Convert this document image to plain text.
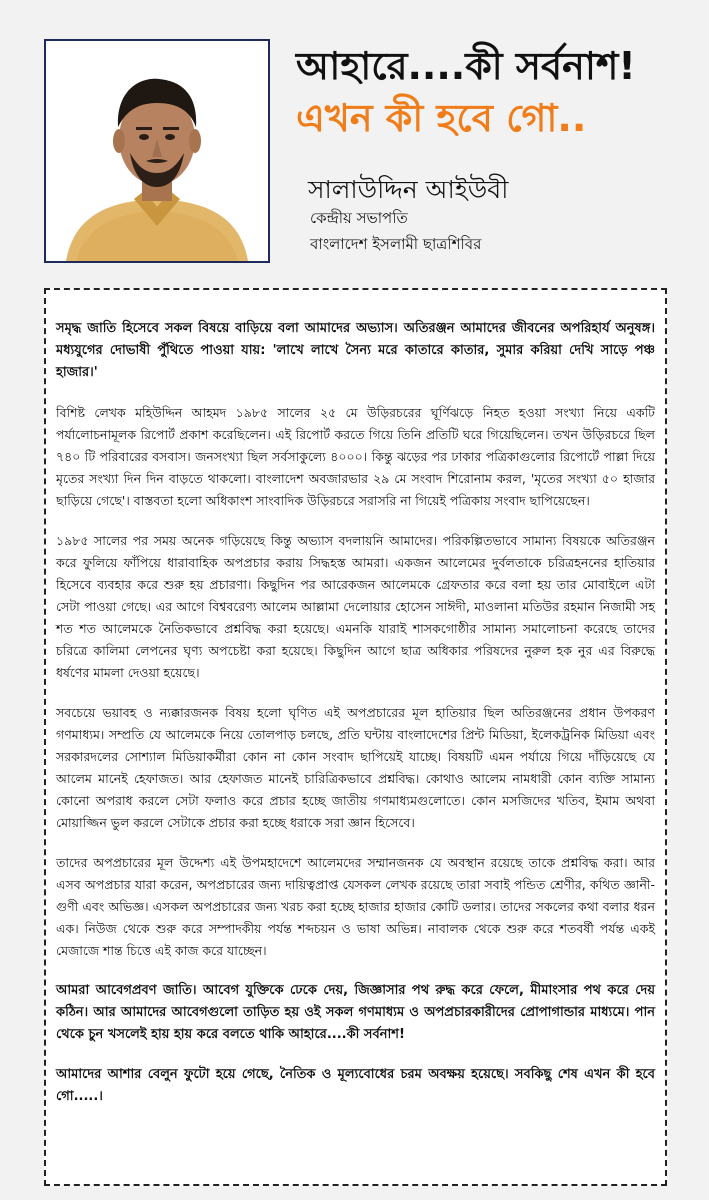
আহারে....কী সর্বনাশ!
এখন কী হবে গো..
সালাউদ্দিন আইউবী
কেন্দ্রীয় সভাপতি
বাংলাদেশ ইসলামী ছাত্রশিবির

সমৃদ্ধ জাতি হিসেবে সকল বিষয়ে বাড়িয়ে বলা আমাদের অভ্যাস। অতিরঞ্জন আমাদের জীবনের অপরিহার্য অনুষঙ্গ। মধ্যযুগের দোভাষী পুঁথিতে পাওয়া যায়: 'লাখে লাখে সৈন্য মরে কাতারে কাতার, সুমার করিয়া দেখি সাড়ে পঞ্চ হাজার।'

বিশিষ্ট লেখক মহিউদ্দিন আহমদ ১৯৮৫ সালের ২৫ মে উড়িরচরের ঘূর্ণিঝড়ে নিহত হওয়া সংখ্যা নিয়ে একটি পর্যালোচনামূলক রিপোর্ট প্রকাশ করেছিলেন। এই রিপোর্ট করতে গিয়ে তিনি প্রতিটি ঘরে গিয়েছিলেন। তখন উড়িরচরে ছিল ৭৪০ টি পরিবারের বসবাস। জনসংখ্যা ছিল সর্বসাকুল্যে ৪০০০। কিন্তু ঝড়ের পর ঢাকার পত্রিকাগুলোর রিপোর্টে পাল্লা দিয়ে মৃতের সংখ্যা দিন দিন বাড়তে থাকলো। বাংলাদেশ অবজারভার ২৯ মে সংবাদ শিরোনাম করল, 'মৃতের সংখ্যা ৫০ হাজার ছাড়িয়ে গেছে'। বাস্তবতা হলো অধিকাংশ সাংবাদিক উড়িরচরে সরাসরি না গিয়েই পত্রিকায় সংবাদ ছাপিয়েছেন।

১৯৮৫ সালের পর সময় অনেক গড়িয়েছে কিন্তু অভ্যাস বদলায়নি আমাদের। পরিকল্পিতভাবে সামান্য বিষয়কে অতিরঞ্জন করে ফুলিয়ে ফাঁপিয়ে ধারাবাহিক অপপ্রচার করায় সিদ্ধহস্ত আমরা। একজন আলেমের দুর্বলতাকে চরিত্রহননের হাতিয়ার হিসেবে ব্যবহার করে শুরু হয় প্রচারণা। কিছুদিন পর আরেকজন আলেমকে গ্রেফতার করে বলা হয় তার মোবাইলে এটা সেটা পাওয়া গেছে। এর আগে বিশ্ববরেণ্য আলেম আল্লামা দেলোয়ার হোসেন সাঈদী, মাওলানা মতিউর রহমান নিজামী সহ শত শত আলেমকে নৈতিকভাবে প্রশ্নবিদ্ধ করা হয়েছে। এমনকি যারাই শাসকগোষ্ঠীর সামান্য সমালোচনা করেছে তাদের চরিত্রে কালিমা লেপনের ঘৃণ্য অপচেষ্টা করা হয়েছে। কিছুদিন আগে ছাত্র অধিকার পরিষদের নুরুল হক নুর এর বিরুদ্ধে ধর্ষণের মামলা দেওয়া হয়েছে।

সবচেয়ে ভয়াবহ ও ন্যক্কারজনক বিষয় হলো ঘৃণিত এই অপপ্রচারের মূল হাতিয়ার ছিল অতিরঞ্জনের প্রধান উপকরণ গণমাধ্যম। সম্প্রতি যে আলেমকে নিয়ে তোলপাড় চলছে, প্রতি ঘন্টায় বাংলাদেশের প্রিন্ট মিডিয়া, ইলেকট্রনিক মিডিয়া এবং সরকারদলের সোশ্যাল মিডিয়াকর্মীরা কোন না কোন সংবাদ ছাপিয়েই যাচ্ছে। বিষয়টি এমন পর্যায়ে গিয়ে দাঁড়িয়েছে যে আলেম মানেই হেফাজত। আর হেফাজত মানেই চারিত্রিকভাবে প্রশ্নবিদ্ধ। কোথাও আলেম নামধারী কোন ব্যক্তি সামান্য কোনো অপরাধ করলে সেটা ফলাও করে প্রচার হচ্ছে জাতীয় গণমাধ্যমগুলোতে। কোন মসজিদের খতিব, ইমাম অথবা মোয়াজ্জিন ভুল করলে সেটাকে প্রচার করা হচ্ছে ধরাকে সরা জ্ঞান হিসেবে।

তাদের অপপ্রচারের মূল উদ্দেশ্য এই উপমহাদেশে আলেমদের সম্মানজনক যে অবস্থান রয়েছে তাকে প্রশ্নবিদ্ধ করা। আর এসব অপপ্রচার যারা করেন, অপপ্রচারের জন্য দায়িত্বপ্রাপ্ত যেসকল লেখক রয়েছে তারা সবাই পন্ডিত শ্রেণীর, কথিত জ্ঞানী-গুণী এবং অভিজ্ঞ। এসকল অপপ্রচারের জন্য খরচ করা হচ্ছে হাজার হাজার কোটি ডলার। তাদের সকলের কথা বলার ধরন এক। নিউজ থেকে শুরু করে সম্পাদকীয় পর্যন্ত শব্দচয়ন ও ভাষা অভিন্ন। নাবালক থেকে শুরু করে শতবর্ষী পর্যন্ত একই মেজাজে শান্ত চিত্তে এই কাজ করে যাচ্ছেন।

আমরা আবেগপ্রবণ জাতি। আবেগ যুক্তিকে ঢেকে দেয়, জিজ্ঞাসার পথ রুদ্ধ করে ফেলে, মীমাংসার পথ করে দেয় কঠিন। আর আমাদের আবেগগুলো তাড়িত হয় ওই সকল গণমাধ্যম ও অপপ্রচারকারীদের প্রোপাগান্ডার মাধ্যমে। পান থেকে চুন খসলেই হায় হায় করে বলতে থাকি আহারে....কী সর্বনাশ!

আমাদের আশার বেলুন ফুটো হয়ে গেছে, নৈতিক ও মূল্যবোধের চরম অবক্ষয় হয়েছে। সবকিছু শেষ এখন কী হবে গো.....।
